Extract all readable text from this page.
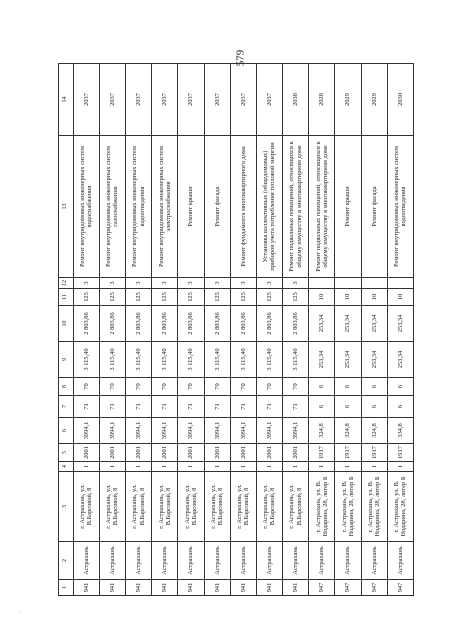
579
1	2	3	4	5	6	7	8	9	10	11	12	13	14
941	Астрахань	г. Астрахань, ул. В.Барсовой, 8	1	2001	3994,1	71	70	3 115,40	2 803,86	125	3	Ремонт внутридомовых инженерных систем водоснабжения	2037
941	Астрахань	г. Астрахань, ул. В.Барсовой, 8	1	2001	3994,1	71	70	3 115,40	2 803,86	125	3	Ремонт внутридомовых инженерных систем газоснабжения	2037
941	Астрахань	г. Астрахань, ул. В.Барсовой, 8	1	2001	3994,1	71	70	3 115,40	2 803,86	125	3	Ремонт внутридомовых инженерных систем водоотведения	2037
941	Астрахань	г. Астрахань, ул. В.Барсовой, 8	1	2001	3994,1	71	70	3 115,40	2 803,86	125	3	Ремонт внутридомовых инженерных систем электроснабжения	2037
941	Астрахань	г. Астрахань, ул. В.Барсовой, 8	1	2001	3994,1	71	70	3 115,40	2 803,86	125	3	Ремонт крыши	2037
941	Астрахань	г. Астрахань, ул. В.Барсовой, 8	1	2001	3994,1	71	70	3 115,40	2 803,86	125	3	Ремонт фасада	2037
941	Астрахань	г. Астрахань, ул. В.Барсовой, 8	1	2001	3994,1	71	70	3 115,40	2 803,86	125	3	Ремонт фундамента многоквартирного дома	2037
941	Астрахань	г. Астрахань, ул. В.Барсовой, 8	1	2001	3994,1	71	70	3 115,40	2 803,86	125	3	Установка коллективных (общедомовых) приборов учета потребления тепловой энергии	2037
941	Астрахань	г. Астрахань, ул. В.Барсовой, 8	1	2001	3994,1	71	70	3 115,40	2 803,86	125	3	Ремонт подвальных помещений, относящихся к общему имуществу в многоквартирном доме	2038
947	Астрахань	г. Астрахань, ул. В. Нодарина, 28, литер Б	1	1917	324,8	6	6	253,34	253,34	10		Ремонт подвальных помещений, относящихся к общему имуществу в многоквартирном доме	2028
947	Астрахань	г. Астрахань, ул. В. Нодарина, 28, литер Б	1	1917	324,8	6	6	253,34	253,34	10		Ремонт крыши	2029
947	Астрахань	г. Астрахань, ул. В. Нодарина, 28, литер Б	1	1917	324,8	6	6	253,34	253,34	10		Ремонт фасада	2029
947	Астрахань	г. Астрахань, ул. В. Нодарина, 28, литер Б	1	1917	334,8	6	6	253,34	253,34	10		Ремонт внутридомовых инженерных систем водоотведения	2030
.
